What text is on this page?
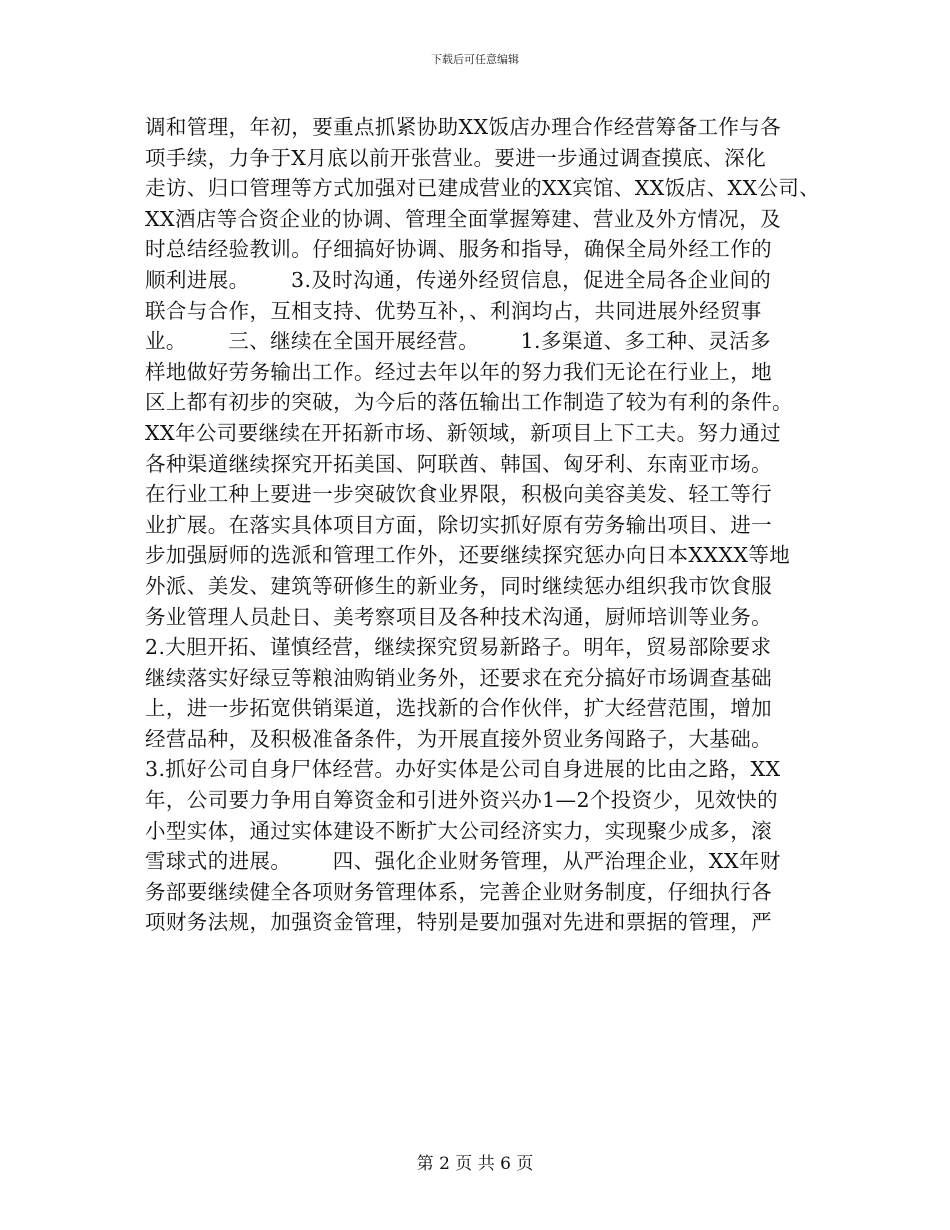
下载后可任意编辑
调和管理，年初，要重点抓紧协助XX饭店办理合作经营筹备工作与各
项手续，力争于X月底以前开张营业。要进一步通过调查摸底、深化
走访、归口管理等方式加强对已建成营业的XX宾馆、XX饭店、XX公司、
XX酒店等合资企业的协调、管理全面掌握筹建、营业及外方情况，及
时总结经验教训。仔细搞好协调、服务和指导，确保全局外经工作的
顺利进展。      3.及时沟通，传递外经贸信息，促进全局各企业间的
联合与合作，互相支持、优势互补，、利润均占，共同进展外经贸事
业。      三、继续在全国开展经营。      1.多渠道、多工种、灵活多
样地做好劳务输出工作。经过去年以年的努力我们无论在行业上，地
区上都有初步的突破，为今后的落伍输出工作制造了较为有利的条件。
XX年公司要继续在开拓新市场、新领域，新项目上下工夫。努力通过
各种渠道继续探究开拓美国、阿联酋、韩国、匈牙利、东南亚市场。
在行业工种上要进一步突破饮食业界限，积极向美容美发、轻工等行
业扩展。在落实具体项目方面，除切实抓好原有劳务输出项目、进一
步加强厨师的选派和管理工作外，还要继续探究惩办向日本XXXX等地
外派、美发、建筑等研修生的新业务，同时继续惩办组织我市饮食服
务业管理人员赴日、美考察项目及各种技术沟通，厨师培训等业务。
2.大胆开拓、谨慎经营，继续探究贸易新路子。明年，贸易部除要求
继续落实好绿豆等粮油购销业务外，还要求在充分搞好市场调查基础
上，进一步拓宽供销渠道，选找新的合作伙伴，扩大经营范围，增加
经营品种，及积极准备条件，为开展直接外贸业务闯路子，大基础。
3.抓好公司自身尸体经营。办好实体是公司自身进展的比由之路，XX
年，公司要力争用自筹资金和引进外资兴办1—2个投资少，见效快的
小型实体，通过实体建设不断扩大公司经济实力，实现聚少成多，滚
雪球式的进展。      四、强化企业财务管理，从严治理企业，XX年财
务部要继续健全各项财务管理体系，完善企业财务制度，仔细执行各
项财务法规，加强资金管理，特别是要加强对先进和票据的管理，严
第 2 页 共 6 页
